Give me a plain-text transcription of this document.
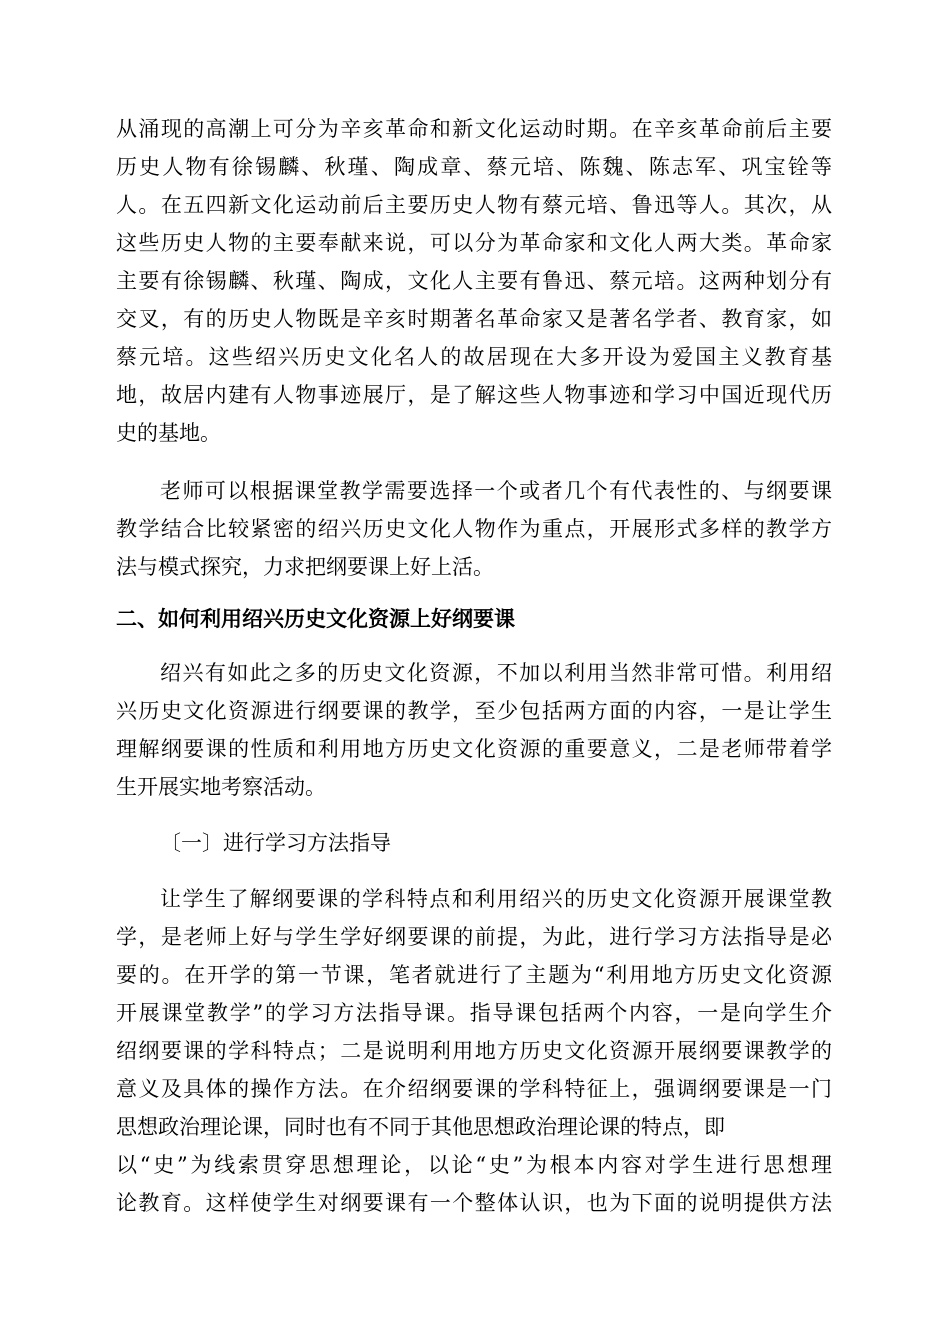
从涌现的高潮上可分为辛亥革命和新文化运动时期。在辛亥革命前后主要
历史人物有徐锡麟、秋瑾、陶成章、蔡元培、陈魏、陈志军、巩宝铨等
人。在五四新文化运动前后主要历史人物有蔡元培、鲁迅等人。其次，从
这些历史人物的主要奉献来说，可以分为革命家和文化人两大类。革命家
主要有徐锡麟、秋瑾、陶成，文化人主要有鲁迅、蔡元培。这两种划分有
交叉，有的历史人物既是辛亥时期著名革命家又是著名学者、教育家，如
蔡元培。这些绍兴历史文化名人的故居现在大多开设为爱国主义教育基
地，故居内建有人物事迹展厅，是了解这些人物事迹和学习中国近现代历
史的基地。
老师可以根据课堂教学需要选择一个或者几个有代表性的、与纲要课
教学结合比较紧密的绍兴历史文化人物作为重点，开展形式多样的教学方
法与模式探究，力求把纲要课上好上活。
二、如何利用绍兴历史文化资源上好纲要课
绍兴有如此之多的历史文化资源，不加以利用当然非常可惜。利用绍
兴历史文化资源进行纲要课的教学，至少包括两方面的内容，一是让学生
理解纲要课的性质和利用地方历史文化资源的重要意义，二是老师带着学
生开展实地考察活动。
〔一〕进行学习方法指导
让学生了解纲要课的学科特点和利用绍兴的历史文化资源开展课堂教
学，是老师上好与学生学好纲要课的前提，为此，进行学习方法指导是必
要的。在开学的第一节课，笔者就进行了主题为“利用地方历史文化资源
开展课堂教学”的学习方法指导课。指导课包括两个内容，一是向学生介
绍纲要课的学科特点；二是说明利用地方历史文化资源开展纲要课教学的
意义及具体的操作方法。在介绍纲要课的学科特征上，强调纲要课是一门
思想政治理论课，同时也有不同于其他思想政治理论课的特点，即
以“史”为线索贯穿思想理论，以论“史”为根本内容对学生进行思想理
论教育。这样使学生对纲要课有一个整体认识，也为下面的说明提供方法
